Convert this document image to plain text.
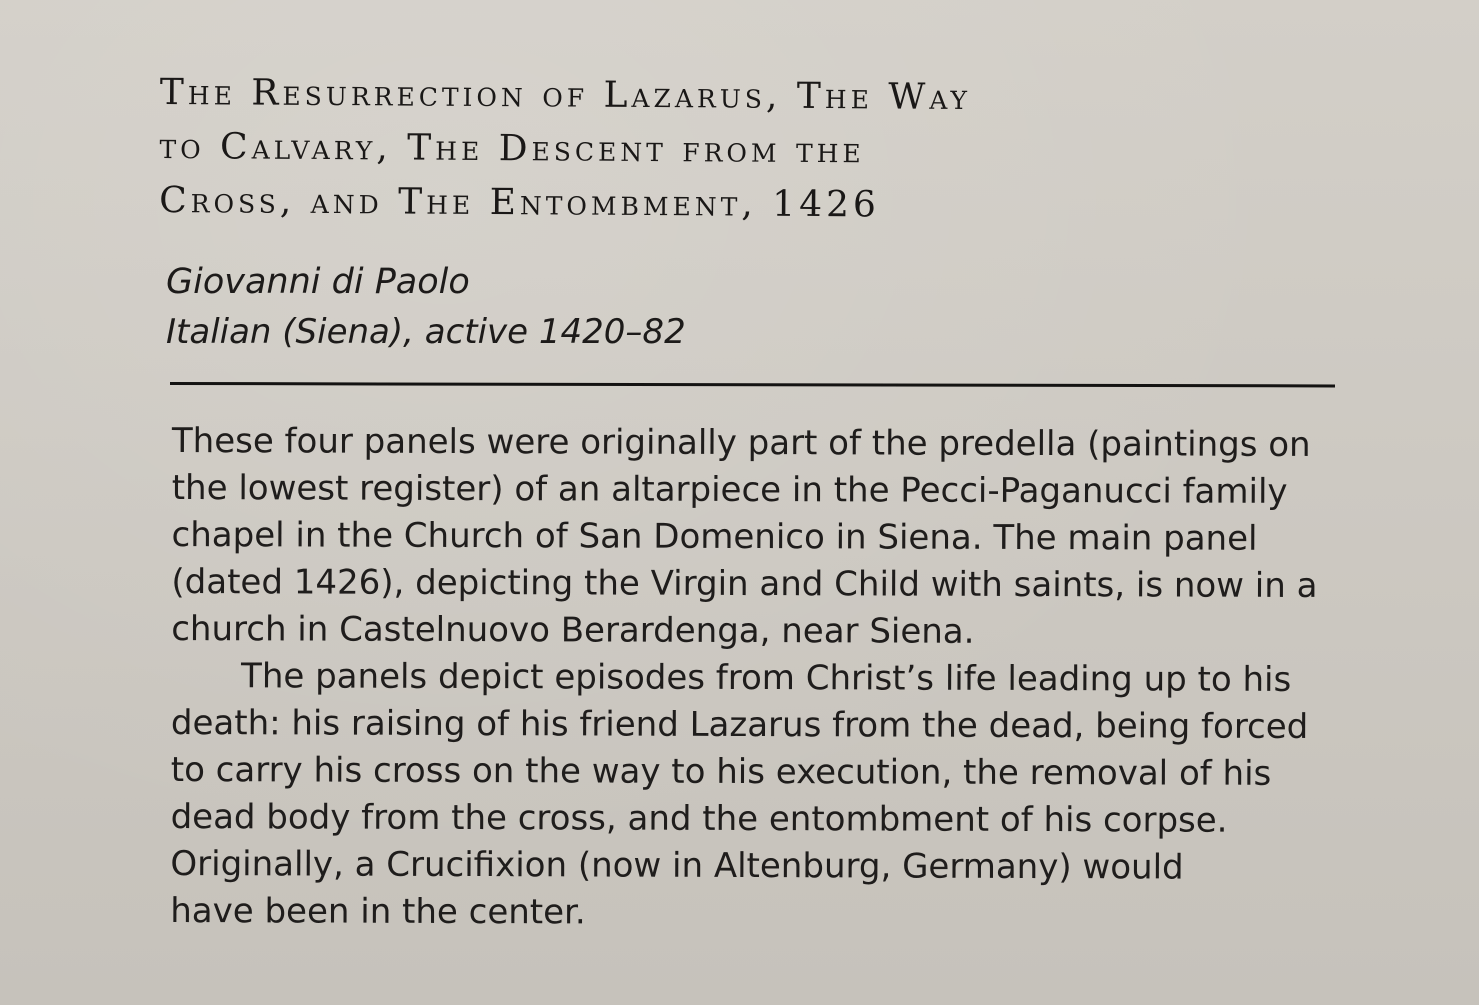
The Resurrection of Lazarus, The Way
to Calvary, The Descent from the
Cross, and The Entombment, 1426
Giovanni di Paolo
Italian (Siena), active 1420–82
These four panels were originally part of the predella (paintings on
the lowest register) of an altarpiece in the Pecci-Paganucci family
chapel in the Church of San Domenico in Siena. The main panel
(dated 1426), depicting the Virgin and Child with saints, is now in a
church in Castelnuovo Berardenga, near Siena.
The panels depict episodes from Christ’s life leading up to his
death: his raising of his friend Lazarus from the dead, being forced
to carry his cross on the way to his execution, the removal of his
dead body from the cross, and the entombment of his corpse.
Originally, a Crucifixion (now in Altenburg, Germany) would
have been in the center.
